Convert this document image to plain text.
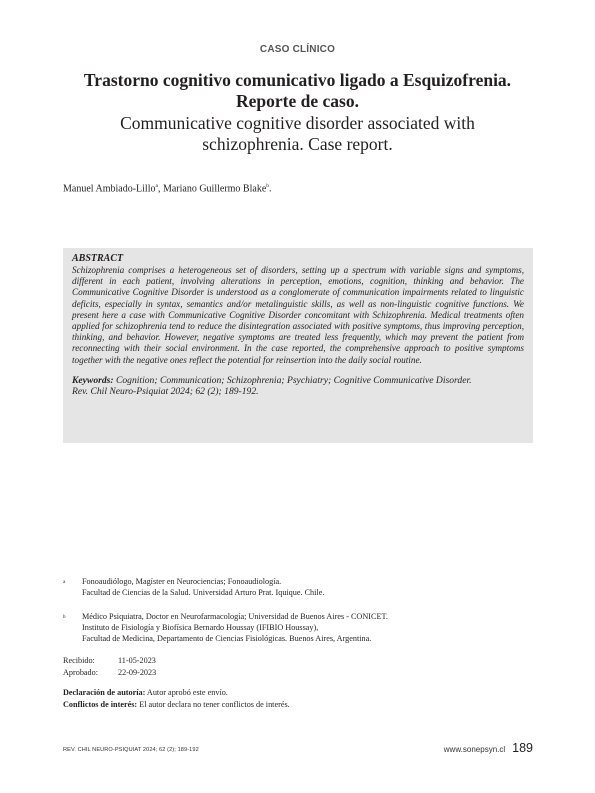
CASO CLÍNICO
Trastorno cognitivo comunicativo ligado a Esquizofrenia.
Reporte de caso.
Communicative cognitive disorder associated with
schizophrenia. Case report.
Manuel Ambiado-Lillo$^a$, Mariano Guillermo Blake$^b$.
ABSTRACT
Schizophrenia comprises a heterogeneous set of disorders, setting up a spectrum with variable signs and symptoms, different in each patient, involving alterations in perception, emotions, cognition, thinking and behavior. The Communicative Cognitive Disorder is understood as a conglomerate of communication impairments related to linguistic deficits, especially in syntax, semantics and/or metalinguistic skills, as well as non-linguistic cognitive functions. We present here a case with Communicative Cognitive Disorder concomitant with Schizophrenia. Medical treatments often applied for schizophrenia tend to reduce the disintegration associated with positive symptoms, thus improving perception, thinking, and behavior. However, negative symptoms are treated less frequently, which may prevent the patient from reconnecting with their social environment. In the case reported, the comprehensive approach to positive symptoms together with the negative ones reflect the potential for reinsertion into the daily social routine.
Keywords: Cognition; Communication; Schizophrenia; Psychiatry; Cognitive Communicative Disorder.
Rev. Chil Neuro-Psiquiat 2024; 62 (2); 189-192.
a	Fonoaudiólogo, Magíster en Neurociencias; Fonoaudiología.
Facultad de Ciencias de la Salud. Universidad Arturo Prat. Iquique. Chile.
b	Médico Psiquiatra, Doctor en Neurofarmacología; Universidad de Buenos Aires - CONICET.
Instituto de Fisiología y Biofísica Bernardo Houssay (IFIBIO Houssay),
Facultad de Medicina, Departamento de Ciencias Fisiológicas. Buenos Aires, Argentina.
Recibido:	11-05-2023
Aprobado:	22-09-2023
Declaración de autoría: Autor aprobó este envío.
Conflictos de interés: El autor declara no tener conflictos de interés.
REV. CHIL NEURO-PSIQUIAT 2024; 62 (2); 189-192	www.sonepsyn.cl 189
